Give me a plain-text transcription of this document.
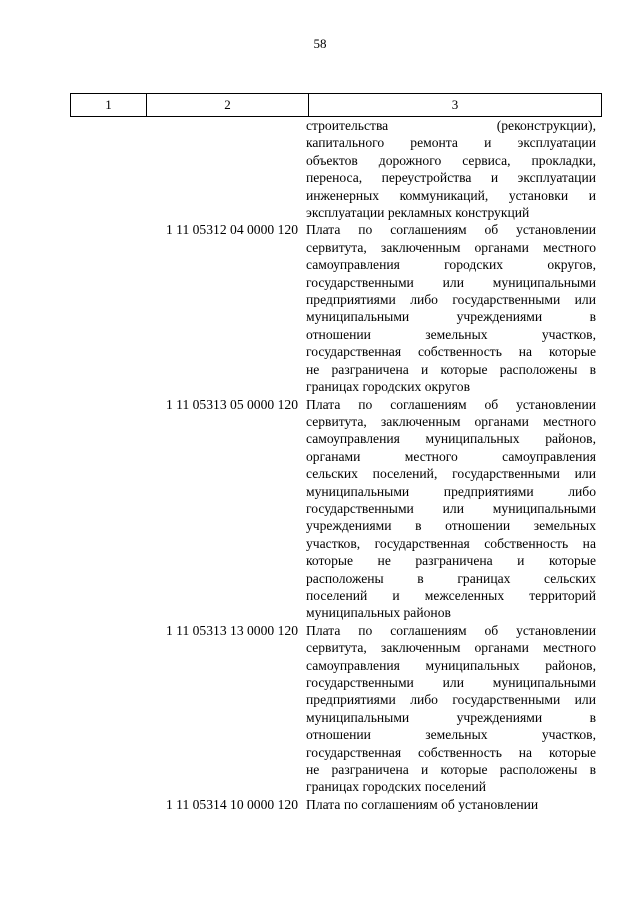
58
1	2	3
строительства (реконструкции),
капитального ремонта и эксплуатации
объектов дорожного сервиса, прокладки,
переноса, переустройства и эксплуатации
инженерных коммуникаций, установки и
эксплуатации рекламных конструкций
1 11 05312 04 0000 120 Плата по соглашениям об установлении
сервитута, заключенным органами местного
самоуправления городских округов,
государственными или муниципальными
предприятиями либо государственными или
муниципальными учреждениями в
отношении земельных участков,
государственная собственность на которые
не разграничена и которые расположены в
границах городских округов
1 11 05313 05 0000 120 Плата по соглашениям об установлении
сервитута, заключенным органами местного
самоуправления муниципальных районов,
органами местного самоуправления
сельских поселений, государственными или
муниципальными предприятиями либо
государственными или муниципальными
учреждениями в отношении земельных
участков, государственная собственность на
которые не разграничена и которые
расположены в границах сельских
поселений и межселенных территорий
муниципальных районов
1 11 05313 13 0000 120 Плата по соглашениям об установлении
сервитута, заключенным органами местного
самоуправления муниципальных районов,
государственными или муниципальными
предприятиями либо государственными или
муниципальными учреждениями в
отношении земельных участков,
государственная собственность на которые
не разграничена и которые расположены в
границах городских поселений
1 11 05314 10 0000 120 Плата по соглашениям об установлении
